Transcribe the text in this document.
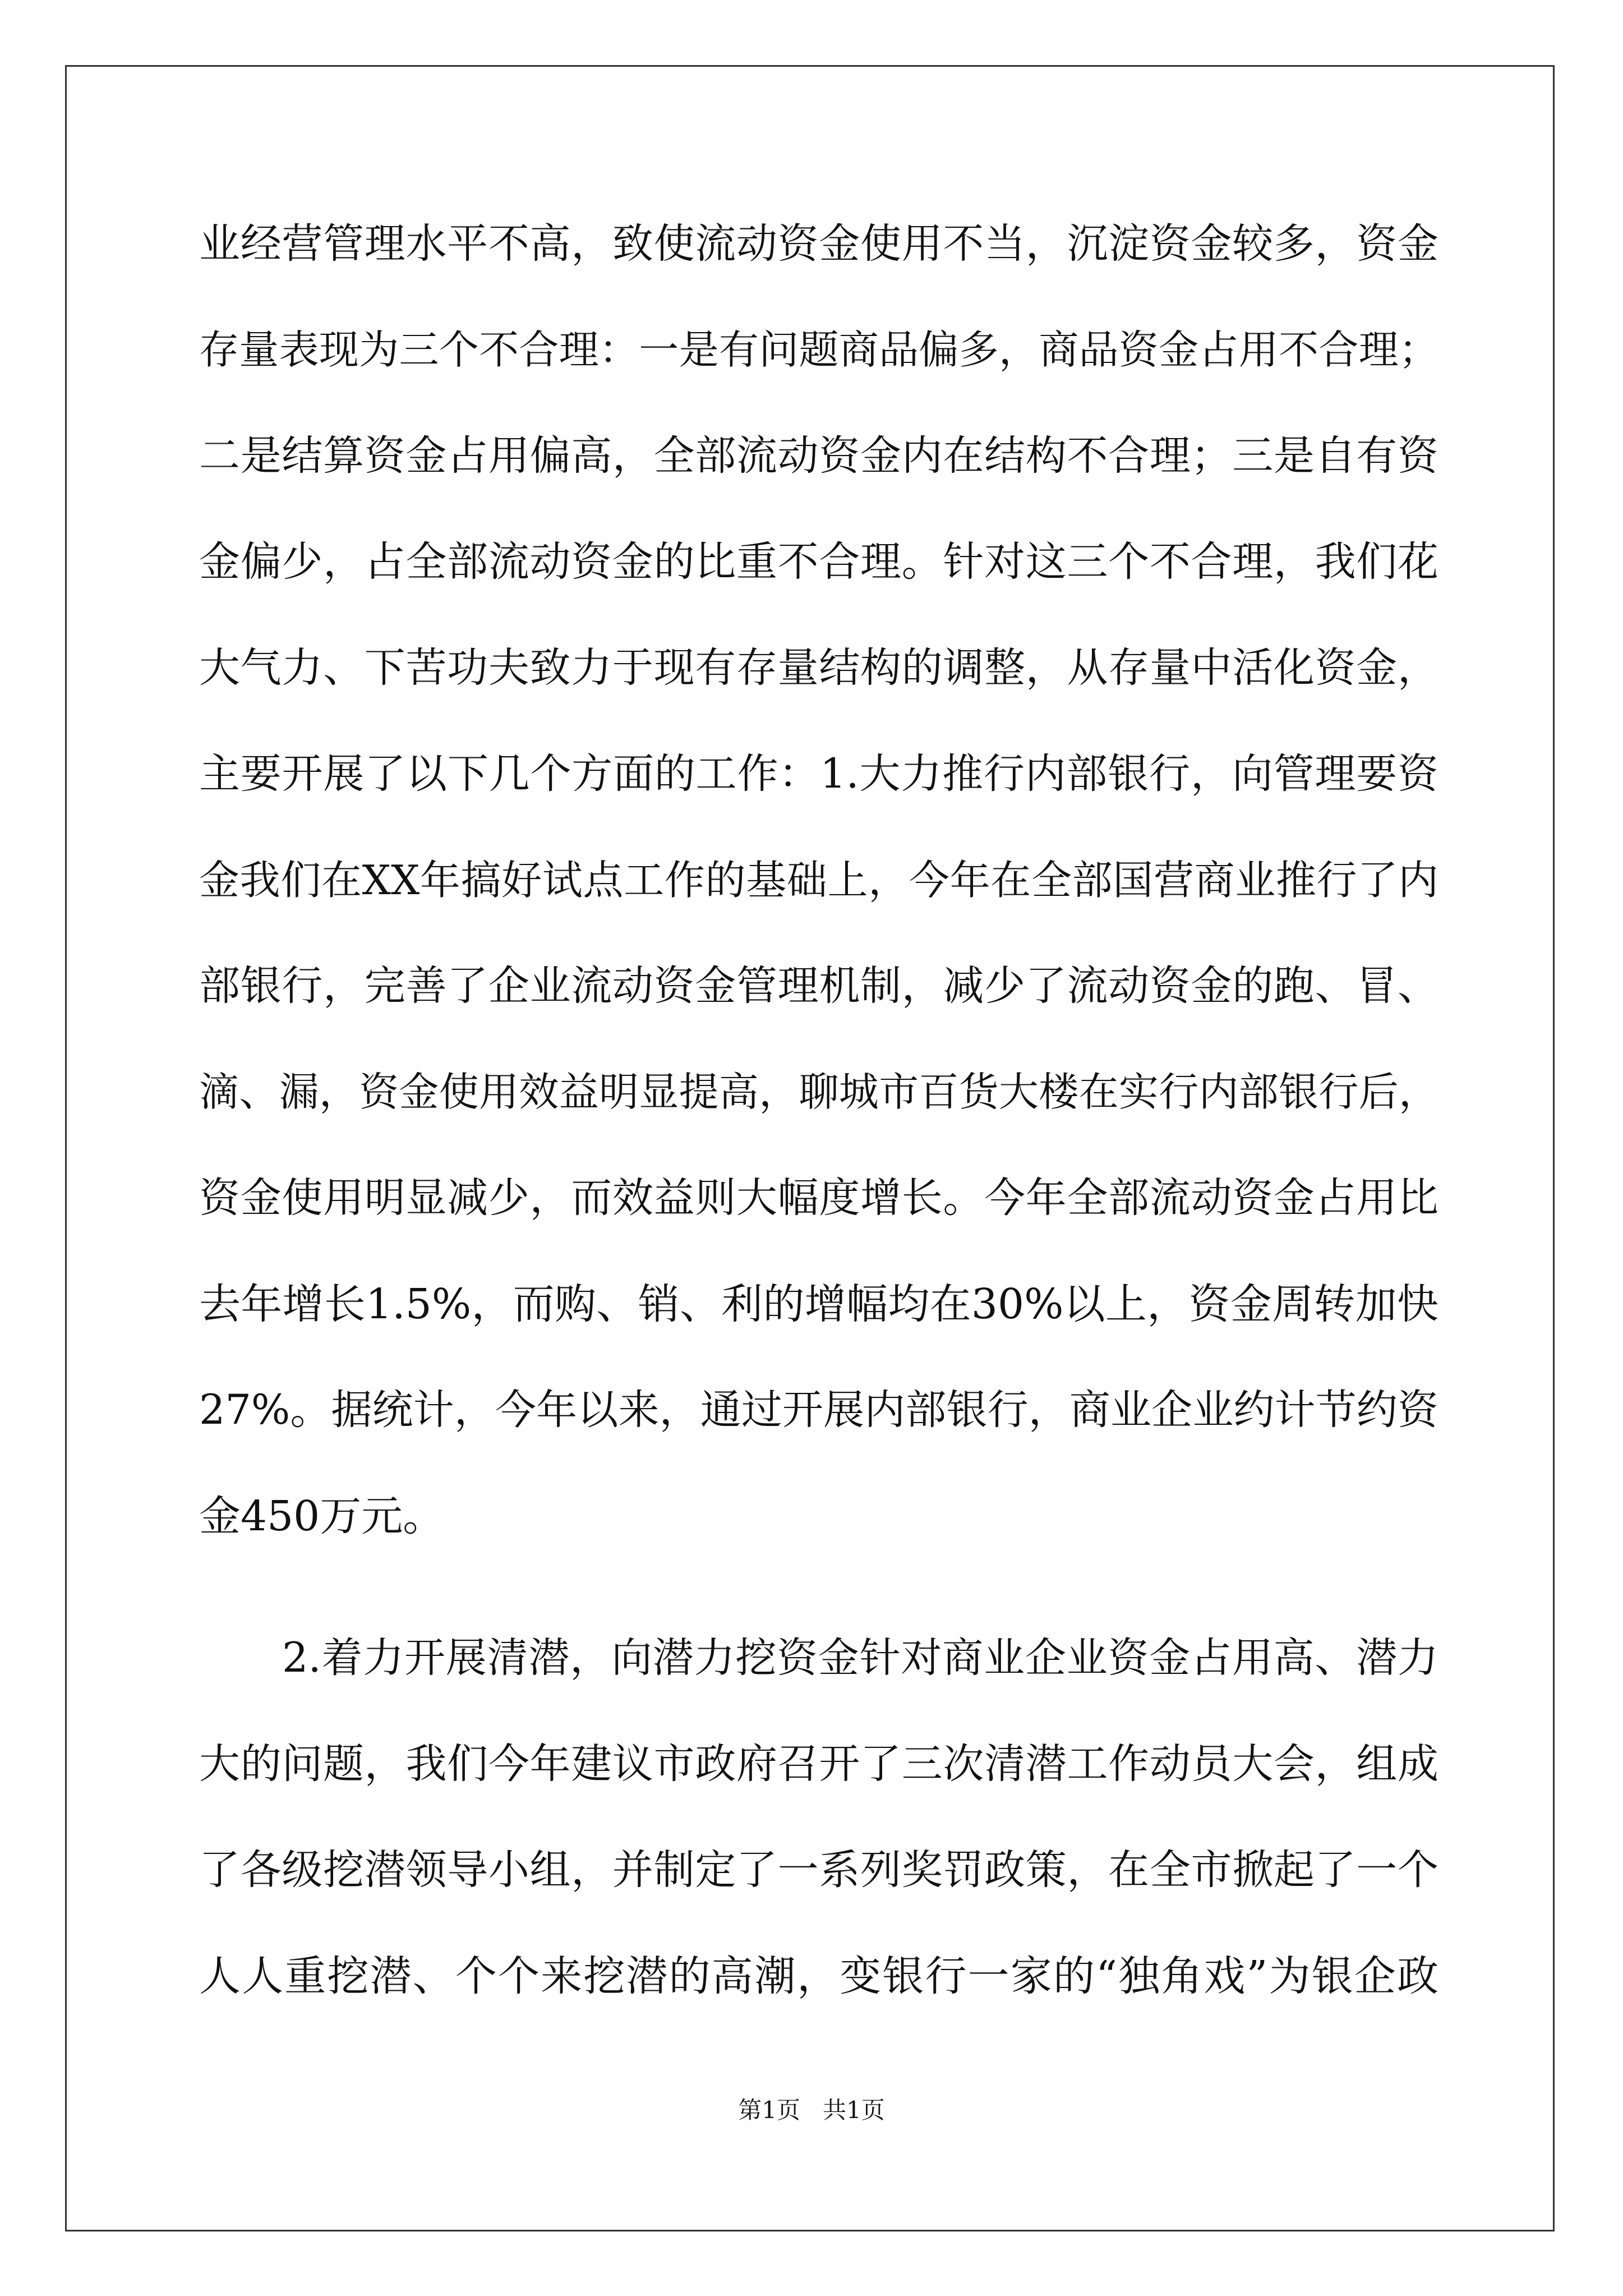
业经营管理水平不高，致使流动资金使用不当，沉淀资金较多，资金
存量表现为三个不合理：一是有问题商品偏多，商品资金占用不合理；
二是结算资金占用偏高，全部流动资金内在结构不合理；三是自有资
金偏少，占全部流动资金的比重不合理。针对这三个不合理，我们花
大气力、下苦功夫致力于现有存量结构的调整，从存量中活化资金，
主要开展了以下几个方面的工作：1.大力推行内部银行，向管理要资
金我们在XX年搞好试点工作的基础上，今年在全部国营商业推行了内
部银行，完善了企业流动资金管理机制，减少了流动资金的跑、冒、
滴、漏，资金使用效益明显提高，聊城市百货大楼在实行内部银行后，
资金使用明显减少，而效益则大幅度增长。今年全部流动资金占用比
去年增长1.5%，而购、销、利的增幅均在30%以上，资金周转加快
27%。据统计，今年以来，通过开展内部银行，商业企业约计节约资
金450万元。
2.着力开展清潜，向潜力挖资金针对商业企业资金占用高、潜力
大的问题，我们今年建议市政府召开了三次清潜工作动员大会，组成
了各级挖潜领导小组，并制定了一系列奖罚政策，在全市掀起了一个
人人重挖潜、个个来挖潜的高潮，变银行一家的“独角戏”为银企政
第1页   共1页
